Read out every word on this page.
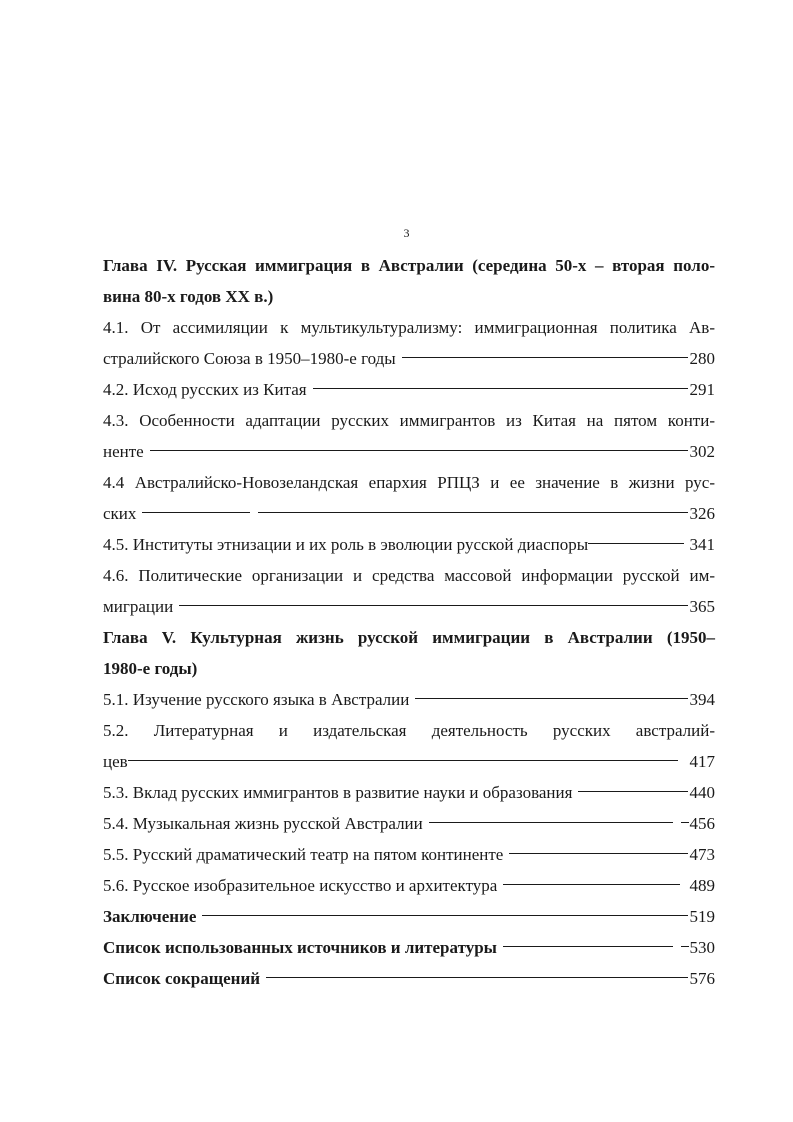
3
Глава IV. Русская иммиграция в Австралии (середина 50-х – вторая поло-
вина 80-х годов XX в.)
4.1. От ассимиляции к мультикультурализму: иммиграционная политика Ав-
стралийского Союза в 1950–1980-е годы	280
4.2. Исход русских из Китая	291
4.3. Особенности адаптации русских иммигрантов из Китая на пятом конти-
ненте	302
4.4 Австралийско-Новозеландская епархия РПЦЗ и ее значение в жизни рус-
ских	326
4.5. Институты этнизации и их роль в эволюции русской диаспоры	341
4.6. Политические организации и средства массовой информации русской им-
миграции	365
Глава V. Культурная жизнь русской иммиграции в Австралии (1950–
1980-е годы)
5.1. Изучение русского языка в Австралии	394
5.2. Литературная и издательская деятельность русских австралий-
цев	417
5.3. Вклад русских иммигрантов в развитие науки и образования	440
5.4. Музыкальная жизнь русской Австралии	456
5.5. Русский драматический театр на пятом континенте	473
5.6. Русское изобразительное искусство и архитектура	489
Заключение	519
Список использованных источников и литературы	530
Список сокращений	576
